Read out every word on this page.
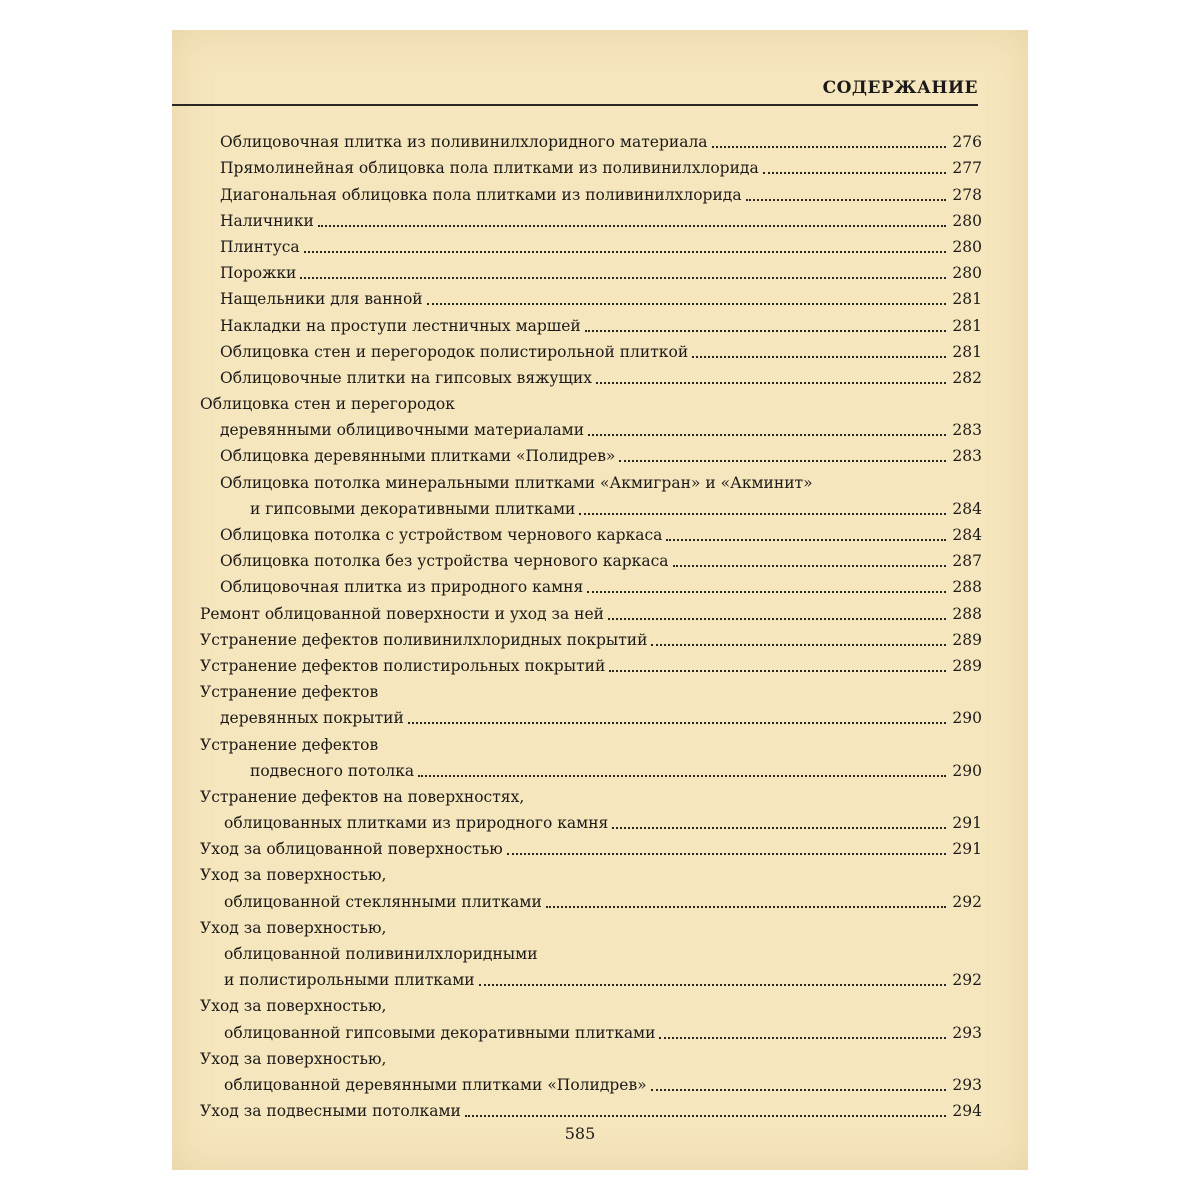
СОДЕРЖАНИЕ
Облицовочная плитка из поливинилхлоридного материала	276
Прямолинейная облицовка пола плитками из поливинилхлорида	277
Диагональная облицовка пола плитками из поливинилхлорида	278
Наличники	280
Плинтуса	280
Порожки	280
Нащельники для ванной	281
Накладки на проступи лестничных маршей	281
Облицовка стен и перегородок полистирольной плиткой	281
Облицовочные плитки на гипсовых вяжущих	282
Облицовка стен и перегородок
деревянными облицивочными материалами	283
Облицовка деревянными плитками «Полидрев»	283
Облицовка потолка минеральными плитками «Акмигран» и «Акминит»
и гипсовыми декоративными плитками	284
Облицовка потолка с устройством чернового каркаса	284
Облицовка потолка без устройства чернового каркаса	287
Облицовочная плитка из природного камня	288
Ремонт облицованной поверхности и уход за ней	288
Устранение дефектов поливинилхлоридных покрытий	289
Устранение дефектов полистирольных покрытий	289
Устранение дефектов
деревянных покрытий	290
Устранение дефектов
подвесного потолка	290
Устранение дефектов на поверхностях,
облицованных плитками из природного камня	291
Уход за облицованной поверхностью	291
Уход за поверхностью,
облицованной стеклянными плитками	292
Уход за поверхностью,
облицованной поливинилхлоридными
и полистирольными плитками	292
Уход за поверхностью,
облицованной гипсовыми декоративными плитками	293
Уход за поверхностью,
облицованной деревянными плитками «Полидрев»	293
Уход за подвесными потолками	294
585
